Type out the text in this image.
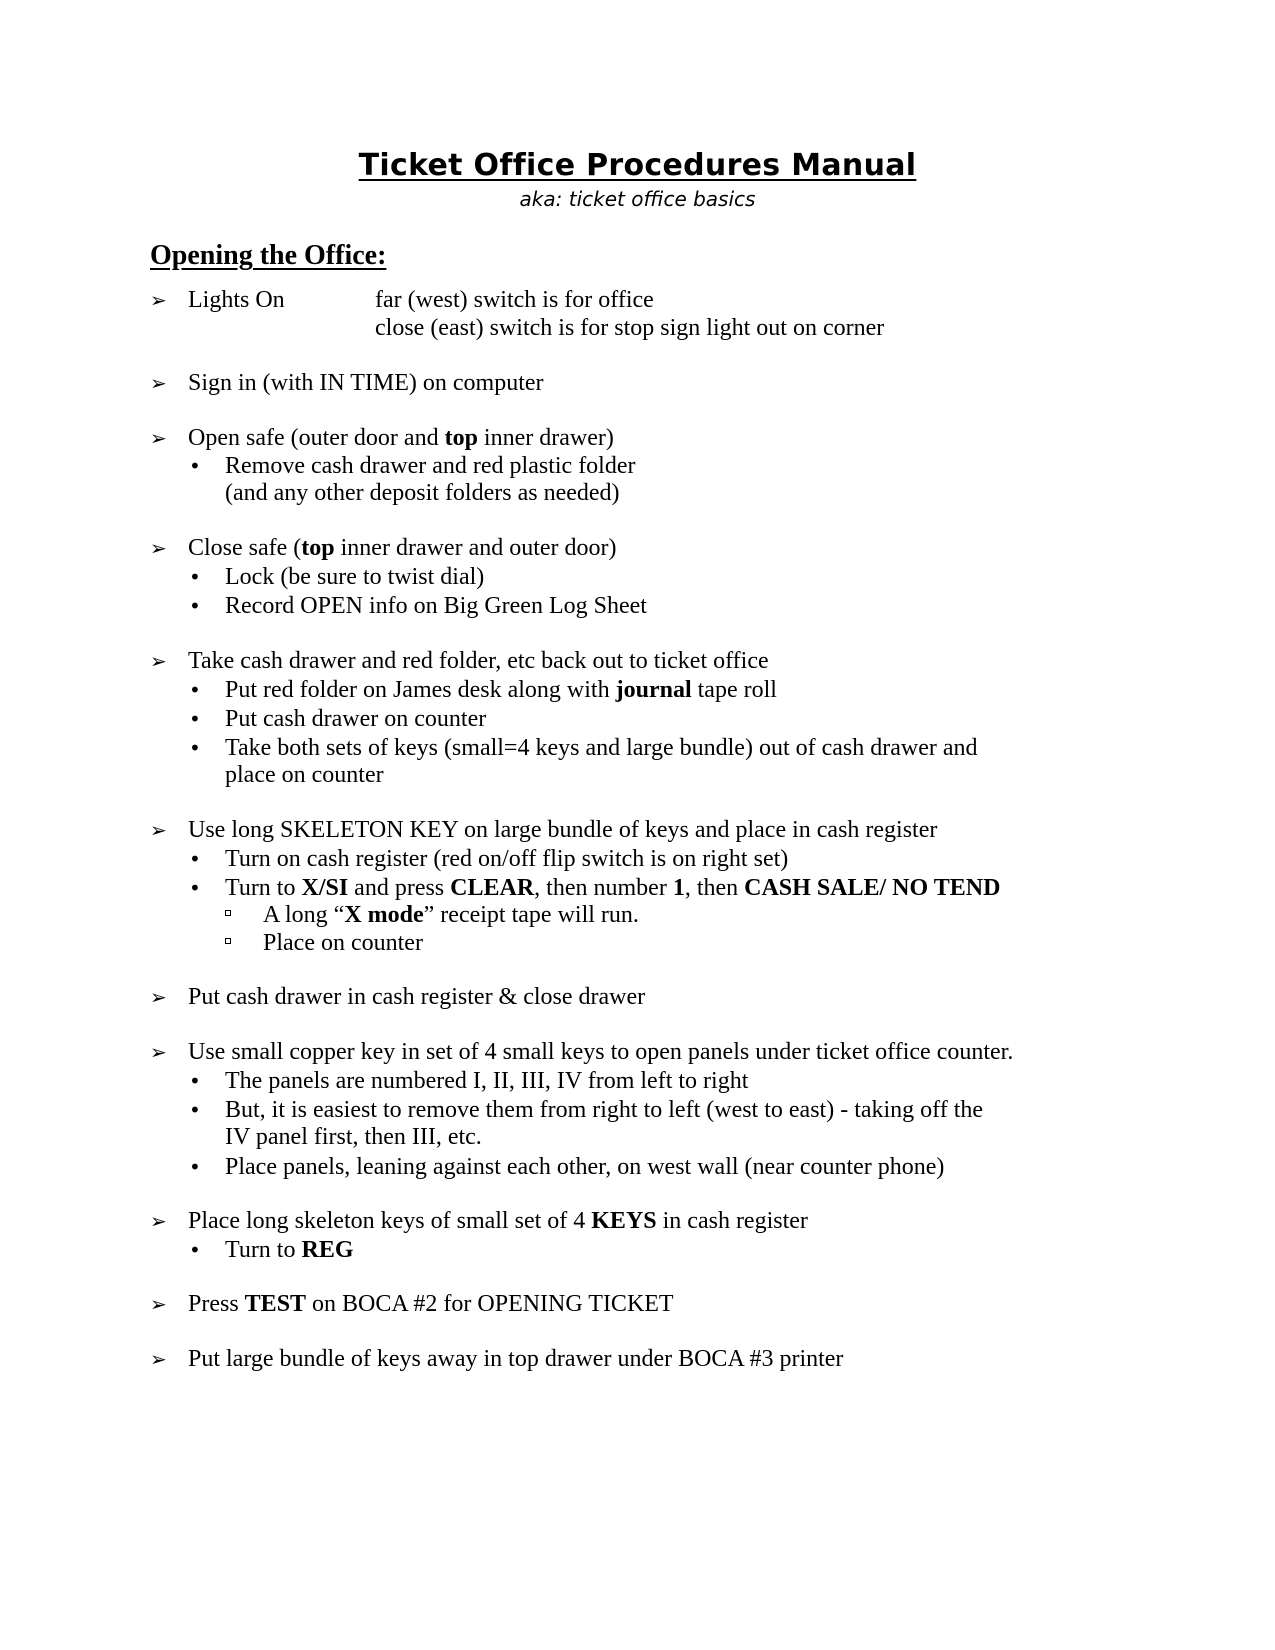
Ticket Office Procedures Manual
aka: ticket office basics
Opening the Office:
➢ Lights On	far (west) switch is for office
close (east) switch is for stop sign light out on corner
➢ Sign in (with IN TIME) on computer
➢ Open safe (outer door and top inner drawer)
• Remove cash drawer and red plastic folder
(and any other deposit folders as needed)
➢ Close safe (top inner drawer and outer door)
• Lock (be sure to twist dial)
• Record OPEN info on Big Green Log Sheet
➢ Take cash drawer and red folder, etc back out to ticket office
• Put red folder on James desk along with journal tape roll
• Put cash drawer on counter
• Take both sets of keys (small=4 keys and large bundle) out of cash drawer and
place on counter
➢ Use long SKELETON KEY on large bundle of keys and place in cash register
• Turn on cash register (red on/off flip switch is on right set)
• Turn to X/SI and press CLEAR, then number 1, then CASH SALE/ NO TEND
A long “X mode” receipt tape will run.
Place on counter
➢ Put cash drawer in cash register & close drawer
➢ Use small copper key in set of 4 small keys to open panels under ticket office counter.
• The panels are numbered I, II, III, IV from left to right
• But, it is easiest to remove them from right to left (west to east) - taking off the
IV panel first, then III, etc.
• Place panels, leaning against each other, on west wall (near counter phone)
➢ Place long skeleton keys of small set of 4 KEYS in cash register
• Turn to REG
➢ Press TEST on BOCA #2 for OPENING TICKET
➢ Put large bundle of keys away in top drawer under BOCA #3 printer
